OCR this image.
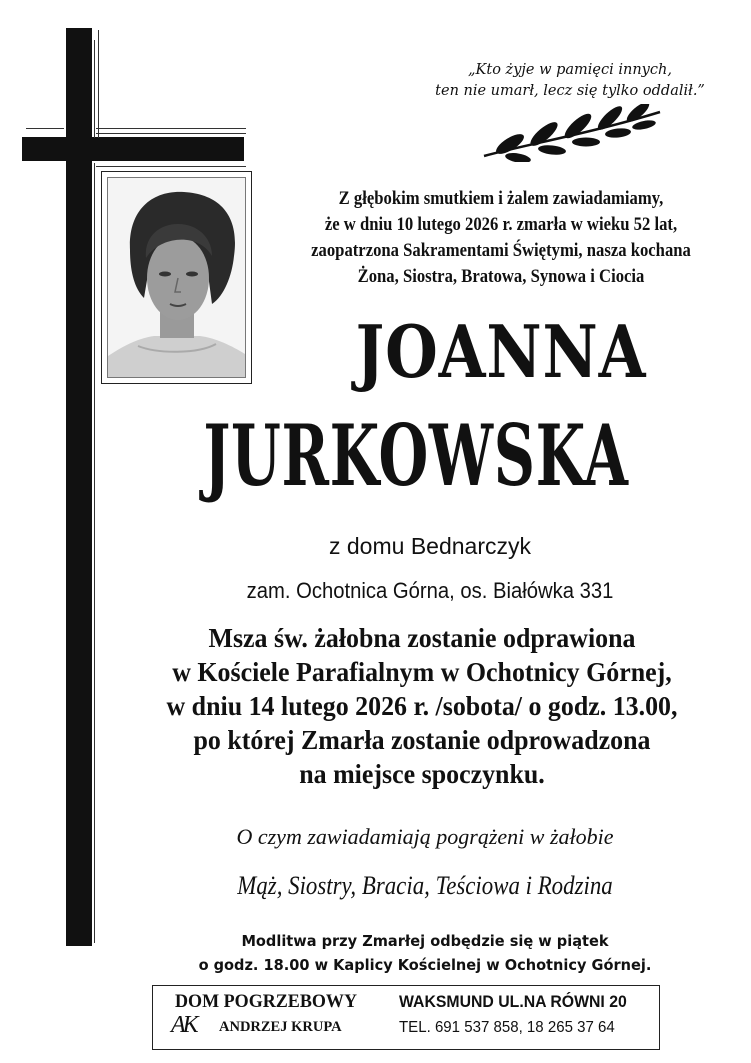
„Kto żyje w pamięci innych,
ten nie umarł, lecz się tylko oddalił.”
Z głębokim smutkiem i żalem zawiadamiamy,
że w dniu 10 lutego 2026 r. zmarła w wieku 52 lat,
zaopatrzona Sakramentami Świętymi, nasza kochana
Żona, Siostra, Bratowa, Synowa i Ciocia
JOANNA
JURKOWSKA
z domu Bednarczyk
zam. Ochotnica Górna, os. Białówka 331
Msza św. żałobna zostanie odprawiona
w Kościele Parafialnym w Ochotnicy Górnej,
w dniu 14 lutego 2026 r. /sobota/ o godz. 13.00,
po której Zmarła zostanie odprowadzona
na miejsce spoczynku.
O czym zawiadamiają pogrążeni w żałobie
Mąż, Siostry, Bracia, Teściowa i Rodzina
Modlitwa przy Zmarłej odbędzie się w piątek
o godz. 18.00 w Kaplicy Kościelnej w Ochotnicy Górnej.
DOM POGRZEBOWY
AK ANDRZEJ KRUPA
WAKSMUND UL.NA RÓWNI 20
TEL. 691 537 858, 18 265 37 64
